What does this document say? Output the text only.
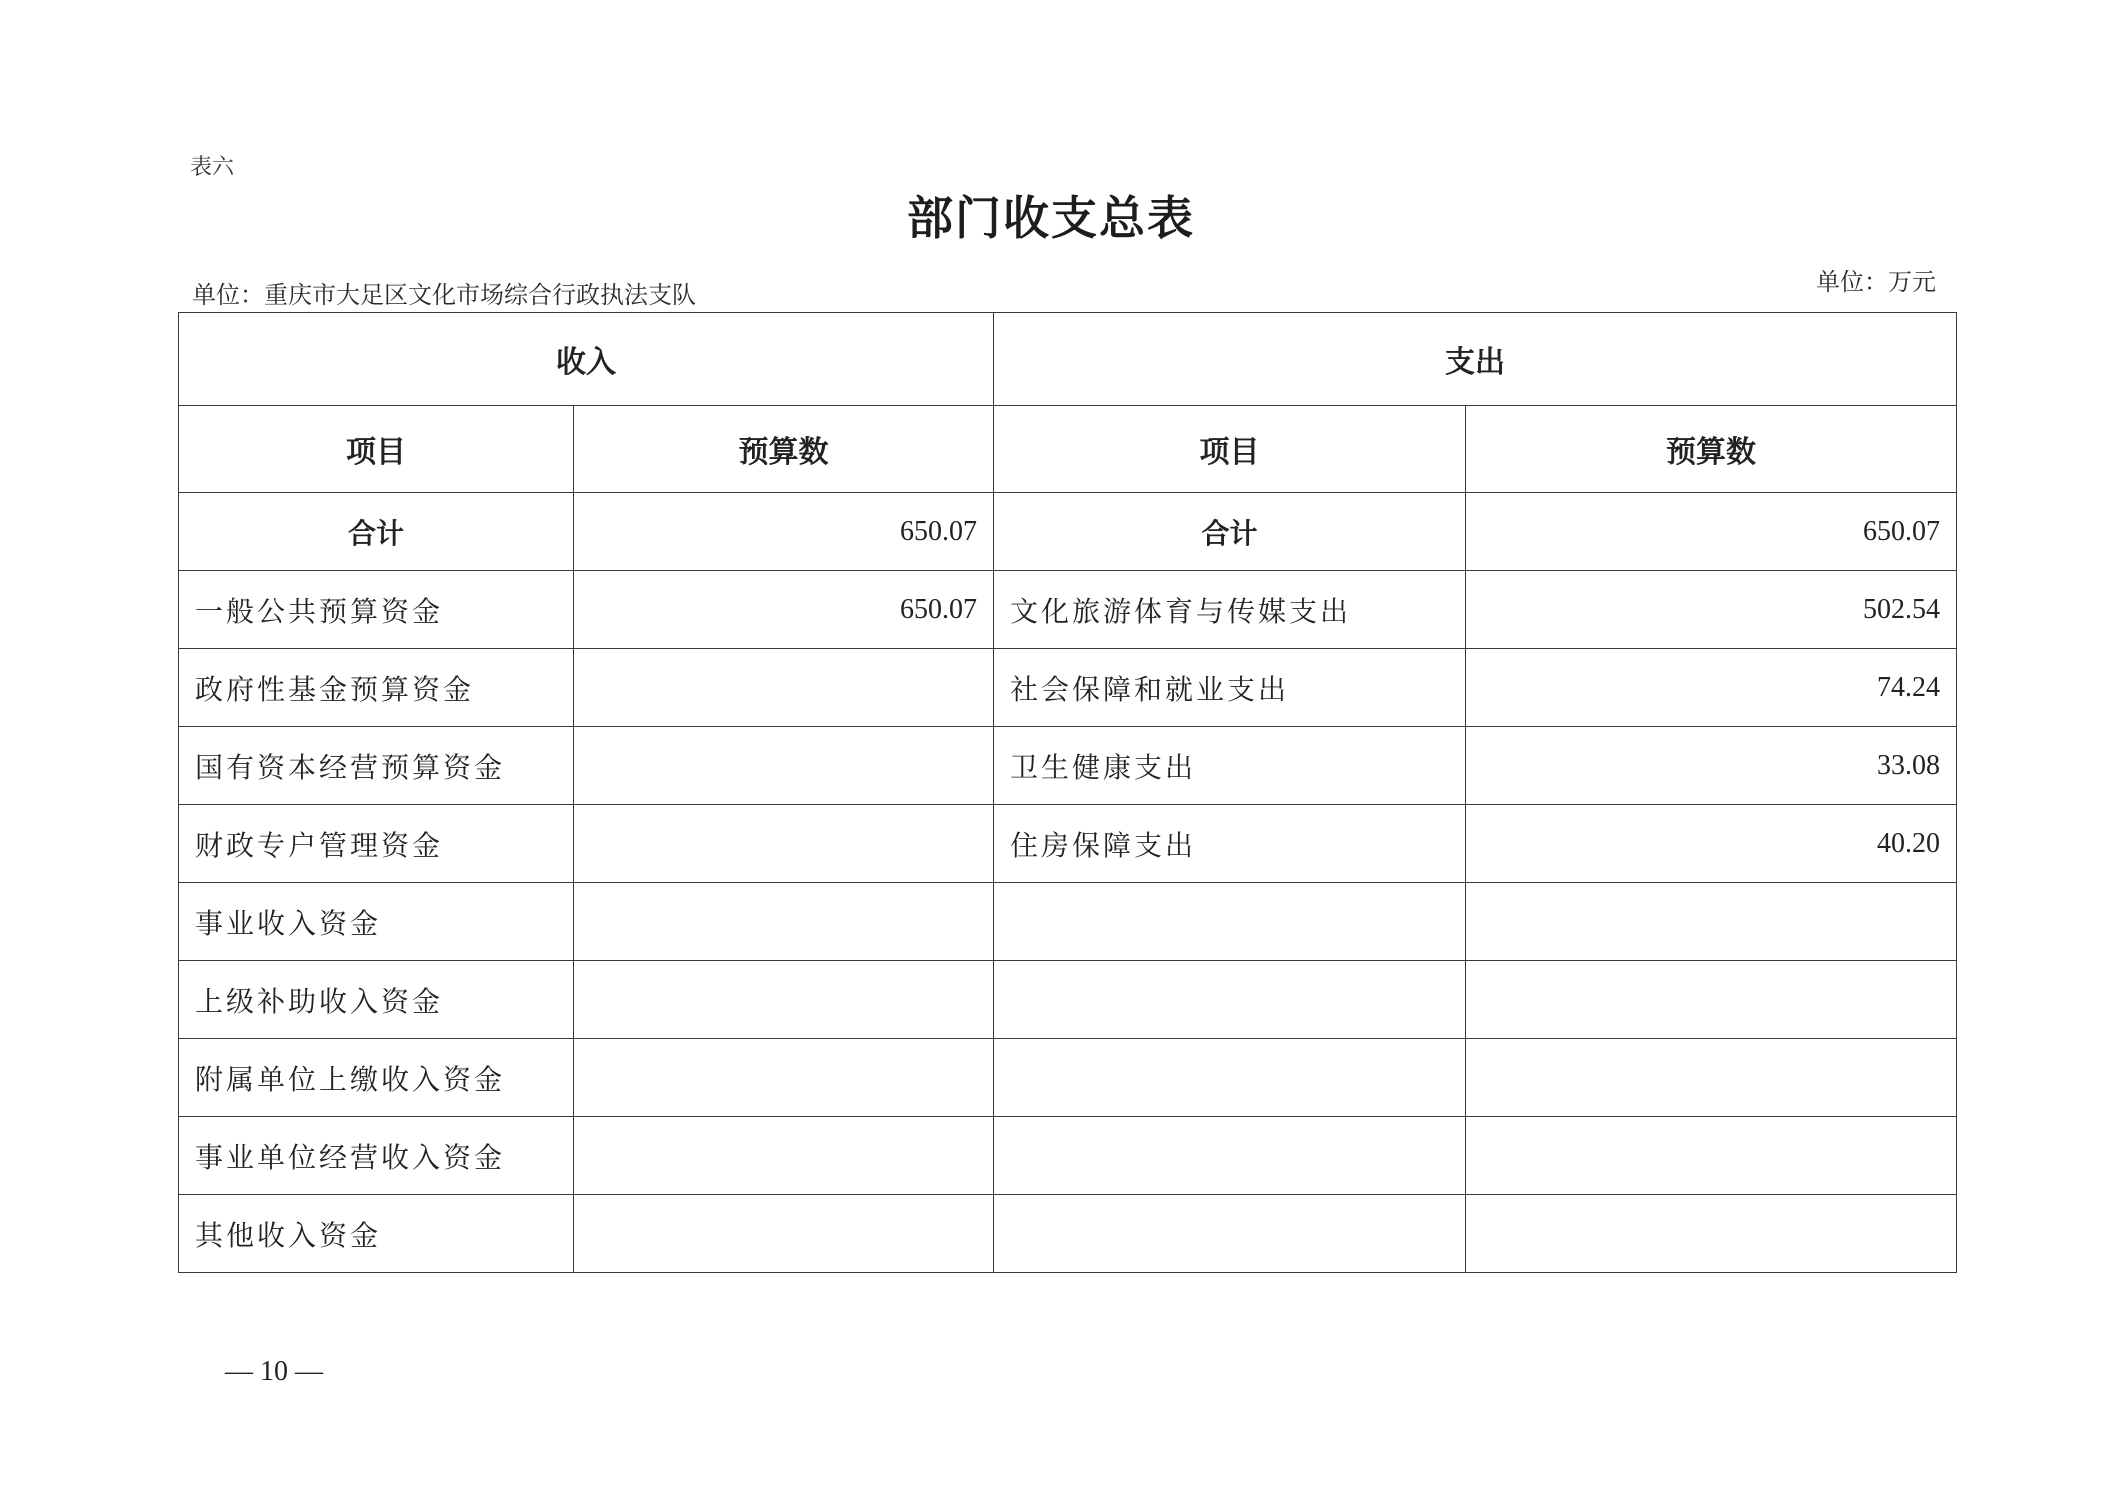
表六
部门收支总表
单位：重庆市大足区文化市场综合行政执法支队	单位：万元
收入		支出	
项目	预算数	项目	预算数
合计	650.07	合计	650.07
一般公共预算资金	650.07	文化旅游体育与传媒支出	502.54
政府性基金预算资金		社会保障和就业支出	74.24
国有资本经营预算资金		卫生健康支出	33.08
财政专户管理资金		住房保障支出	40.20
事业收入资金			
上级补助收入资金			
附属单位上缴收入资金			
事业单位经营收入资金			
其他收入资金			
— 10 —
